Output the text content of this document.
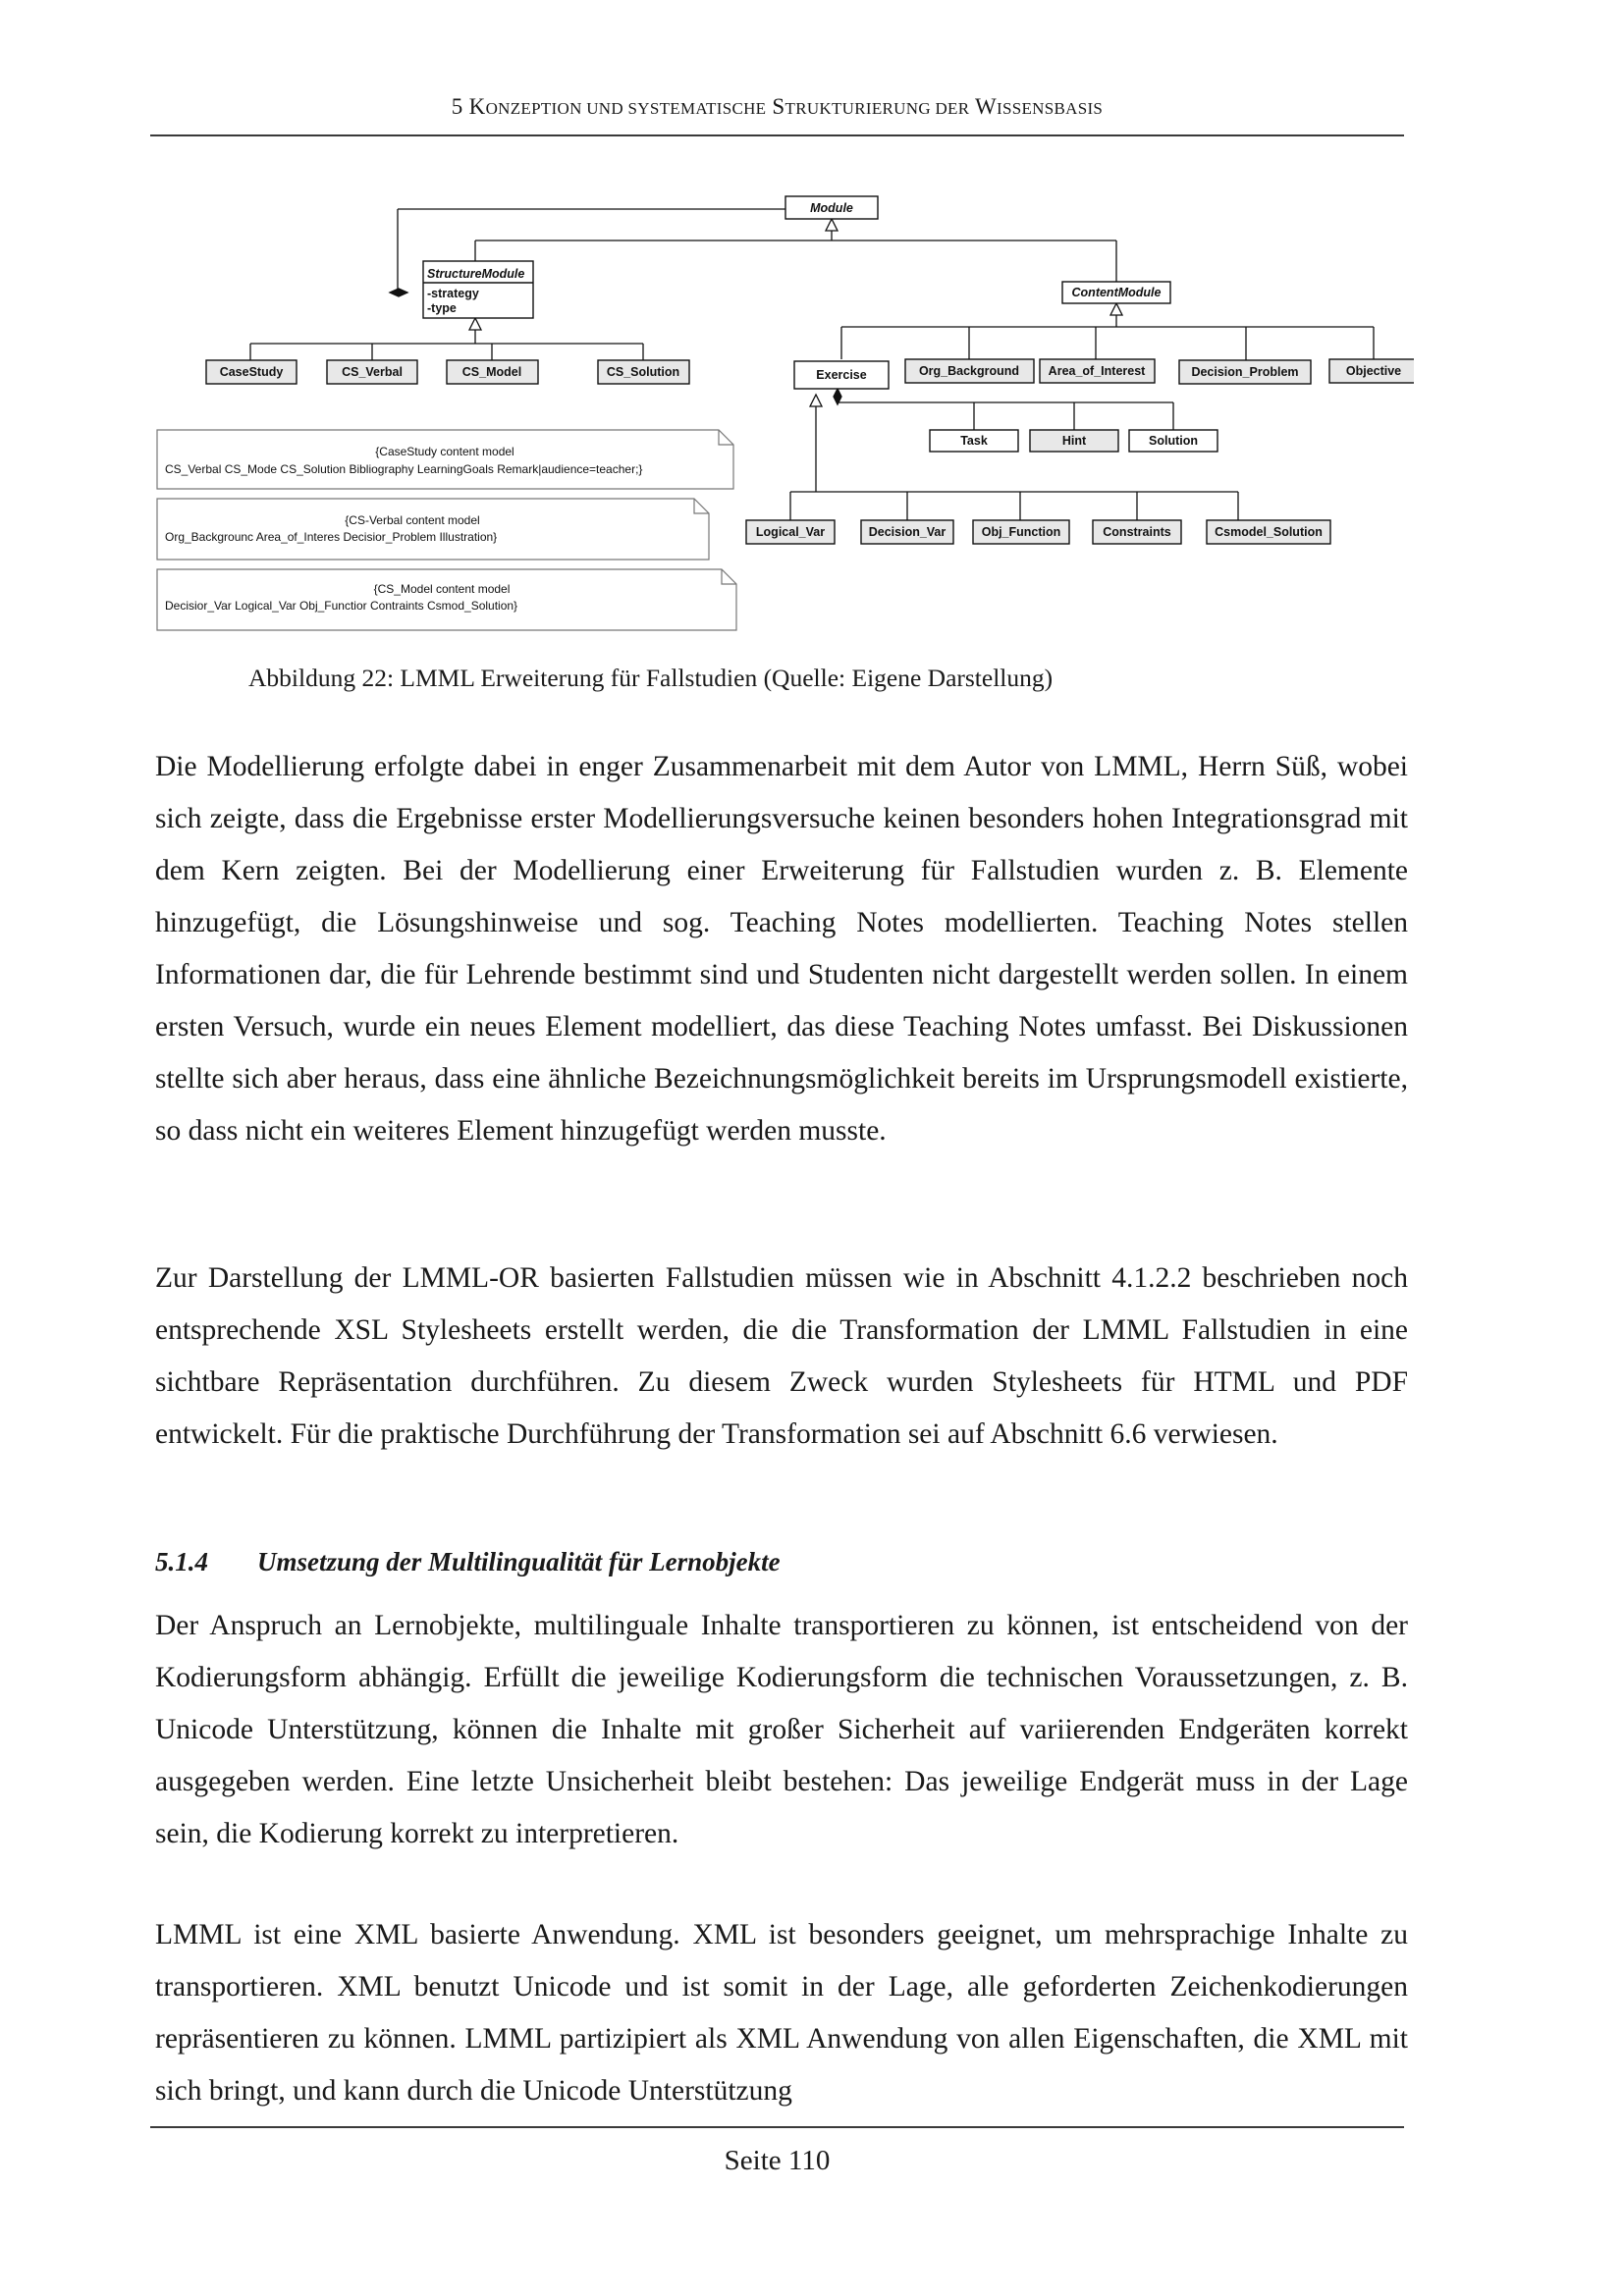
5 KONZEPTION UND SYSTEMATISCHE STRUKTURIERUNG DER WISSENSBASIS
Module
StructureModule
-strategy
-type
ContentModule
CaseStudy	CS_Verbal	CS_Model	CS_Solution	Exercise	Org_Background Area_of_Interest	Decision_Problem	Objective
Task	Hint	Solution
Logical_Var	Decision_Var	Obj_Function	Constraints	Csmodel_Solution
{CaseStudy content model
CS_Verbal CS_Mode CS_Solution Bibliography LearningGoals Remark|audience=teacher;}
{CS-Verbal content model
Org_Backgrounc Area_of_Interes Decisior_Problem Illustration}
{CS_Model content model
Decisior_Var Logical_Var Obj_Functior Contraints Csmod_Solution}
Abbildung 22: LMML Erweiterung für Fallstudien (Quelle: Eigene Darstellung)

Die Modellierung erfolgte dabei in enger Zusammenarbeit mit dem Autor von LMML, Herrn Süß, wobei sich zeigte, dass die Ergebnisse erster Modellierungsversuche keinen besonders hohen Integrationsgrad mit dem Kern zeigten. Bei der Modellierung einer Erweiterung für Fallstudien wurden z. B. Elemente hinzugefügt, die Lösungshinweise und sog. Teaching Notes modellierten. Teaching Notes stellen Informationen dar, die für Lehrende bestimmt sind und Studenten nicht dargestellt werden sollen. In einem ersten Versuch, wurde ein neues Element modelliert, das diese Teaching Notes umfasst. Bei Diskussionen stellte sich aber heraus, dass eine ähnliche Bezeichnungsmöglichkeit bereits im Ursprungsmodell existierte, so dass nicht ein weiteres Element hinzugefügt werden musste.

Zur Darstellung der LMML-OR basierten Fallstudien müssen wie in Abschnitt 4.1.2.2 beschrieben noch entsprechende XSL Stylesheets erstellt werden, die die Transformation der LMML Fallstudien in eine sichtbare Repräsentation durchführen. Zu diesem Zweck wurden Stylesheets für HTML und PDF entwickelt. Für die praktische Durchführung der Transformation sei auf Abschnitt 6.6 verwiesen.

5.1.4 Umsetzung der Multilingualität für Lernobjekte

Der Anspruch an Lernobjekte, multilinguale Inhalte transportieren zu können, ist entscheidend von der Kodierungsform abhängig. Erfüllt die jeweilige Kodierungsform die technischen Voraussetzungen, z. B. Unicode Unterstützung, können die Inhalte mit großer Sicherheit auf variierenden Endgeräten korrekt ausgegeben werden. Eine letzte Unsicherheit bleibt bestehen: Das jeweilige Endgerät muss in der Lage sein, die Kodierung korrekt zu interpretieren.

LMML ist eine XML basierte Anwendung. XML ist besonders geeignet, um mehrsprachige Inhalte zu transportieren. XML benutzt Unicode und ist somit in der Lage, alle geforderten Zeichenkodierungen repräsentieren zu können. LMML partizipiert als XML Anwendung von allen Eigenschaften, die XML mit sich bringt, und kann durch die Unicode Unterstützung

Seite 110
